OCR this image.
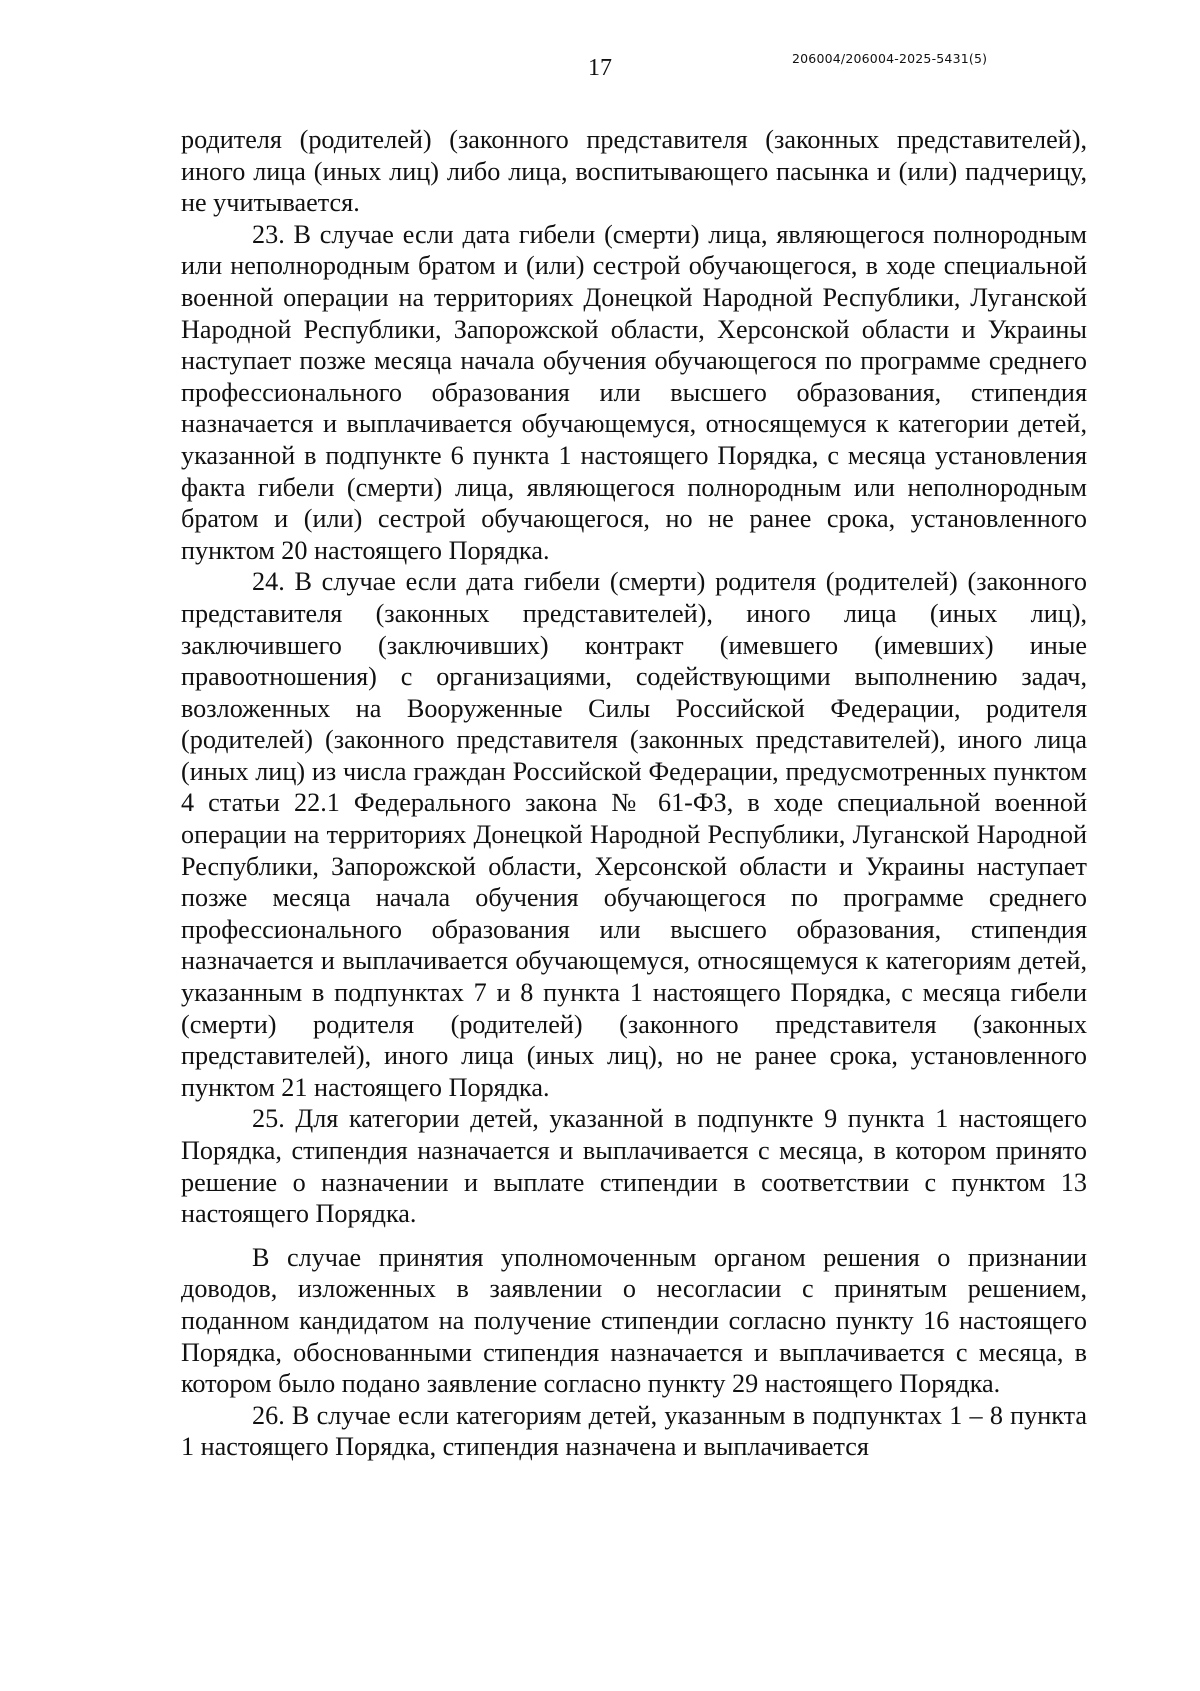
17	206004/206004-2025-5431(5)

родителя (родителей) (законного представителя (законных представителей), иного лица (иных лиц) либо лица, воспитывающего пасынка и (или) падчерицу, не учитывается.

23. В случае если дата гибели (смерти) лица, являющегося полнородным или неполнородным братом и (или) сестрой обучающегося, в ходе специальной военной операции на территориях Донецкой Народной Республики, Луганской Народной Республики, Запорожской области, Херсонской области и Украины наступает позже месяца начала обучения обучающегося по программе среднего профессионального образования или высшего образования, стипендия назначается и выплачивается обучающемуся, относящемуся к категории детей, указанной в подпункте 6 пункта 1 настоящего Порядка, с месяца установления факта гибели (смерти) лица, являющегося полнородным или неполнородным братом и (или) сестрой обучающегося, но не ранее срока, установленного пунктом 20 настоящего Порядка.

24. В случае если дата гибели (смерти) родителя (родителей) (законного представителя (законных представителей), иного лица (иных лиц), заключившего (заключивших) контракт (имевшего (имевших) иные правоотношения) с организациями, содействующими выполнению задач, возложенных на Вооруженные Силы Российской Федерации, родителя (родителей) (законного представителя (законных представителей), иного лица (иных лиц) из числа граждан Российской Федерации, предусмотренных пунктом 4 статьи 22.1 Федерального закона № 61-ФЗ, в ходе специальной военной операции на территориях Донецкой Народной Республики, Луганской Народной Республики, Запорожской области, Херсонской области и Украины наступает позже месяца начала обучения обучающегося по программе среднего профессионального образования или высшего образования, стипендия назначается и выплачивается обучающемуся, относящемуся к категориям детей, указанным в подпунктах 7 и 8 пункта 1 настоящего Порядка, с месяца гибели (смерти) родителя (родителей) (законного представителя (законных представителей), иного лица (иных лиц), но не ранее срока, установленного пунктом 21 настоящего Порядка.

25. Для категории детей, указанной в подпункте 9 пункта 1 настоящего Порядка, стипендия назначается и выплачивается с месяца, в котором принято решение о назначении и выплате стипендии в соответствии с пунктом 13 настоящего Порядка.

В случае принятия уполномоченным органом решения о признании доводов, изложенных в заявлении о несогласии с принятым решением, поданном кандидатом на получение стипендии согласно пункту 16 настоящего Порядка, обоснованными стипендия назначается и выплачивается с месяца, в котором было подано заявление согласно пункту 29 настоящего Порядка.

26. В случае если категориям детей, указанным в подпунктах 1 – 8 пункта 1 настоящего Порядка, стипендия назначена и выплачивается
